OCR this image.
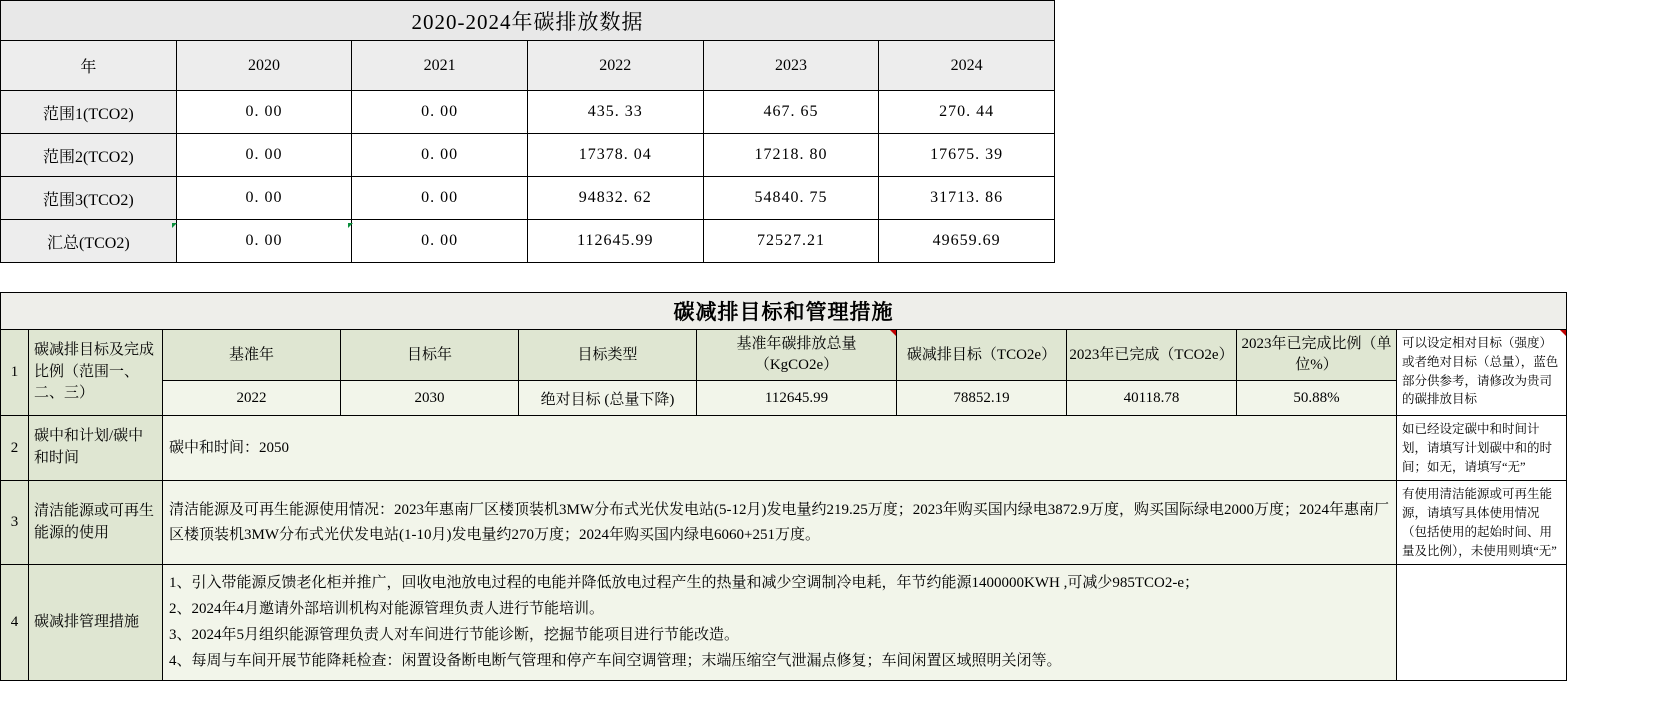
2020-2024年碳排放数据					
年	2020	2021	2022	2023	2024
范围1(TCO2)	0. 00	0. 00	435. 33	467. 65	270. 44
范围2(TCO2)	0. 00	0. 00	17378. 04	17218. 80	17675. 39
范围3(TCO2)	0. 00	0. 00	94832. 62	54840. 75	31713. 86
汇总(TCO2)	0. 00	0. 00	112645.99	72527.21	49659.69
碳减排目标和管理措施									
1	碳减排目标及完成比例（范围一、二、三）	基准年	目标年	目标类型	基准年碳排放总量（KgCO2e）	碳减排目标（TCO2e）	2023年已完成（TCO2e）	2023年已完成比例（单位%）	可以设定相对目标（强度）或者绝对目标（总量），蓝色部分供参考，请修改为贵司的碳排放目标
		2022	2030	绝对目标 (总量下降)	112645.99	78852.19	40118.78	50.88%	
2	碳中和计划/碳中和时间	碳中和时间：2050							如已经设定碳中和时间计划，请填写计划碳中和的时间；如无，请填写“无”
3	清洁能源或可再生能源的使用	清洁能源及可再生能源使用情况：2023年惠南厂区楼顶装机3MW分布式光伏发电站(5-12月)发电量约219.25万度；2023年购买国内绿电3872.9万度，购买国际绿电2000万度；2024年惠南厂区楼顶装机3MW分布式光伏发电站(1-10月)发电量约270万度；2024年购买国内绿电6060+251万度。							有使用清洁能源或可再生能源，请填写具体使用情况（包括使用的起始时间、用量及比例），未使用则填“无”
4	碳减排管理措施	1、引入带能源反馈老化柜并推广，回收电池放电过程的电能并降低放电过程产生的热量和减少空调制冷电耗，年节约能源1400000KWH ,可减少985TCO2-e；
2、2024年4月邀请外部培训机构对能源管理负责人进行节能培训。
3、2024年5月组织能源管理负责人对车间进行节能诊断，挖掘节能项目进行节能改造。
4、每周与车间开展节能降耗检查：闲置设备断电断气管理和停产车间空调管理；末端压缩空气泄漏点修复；车间闲置区域照明关闭等。							
